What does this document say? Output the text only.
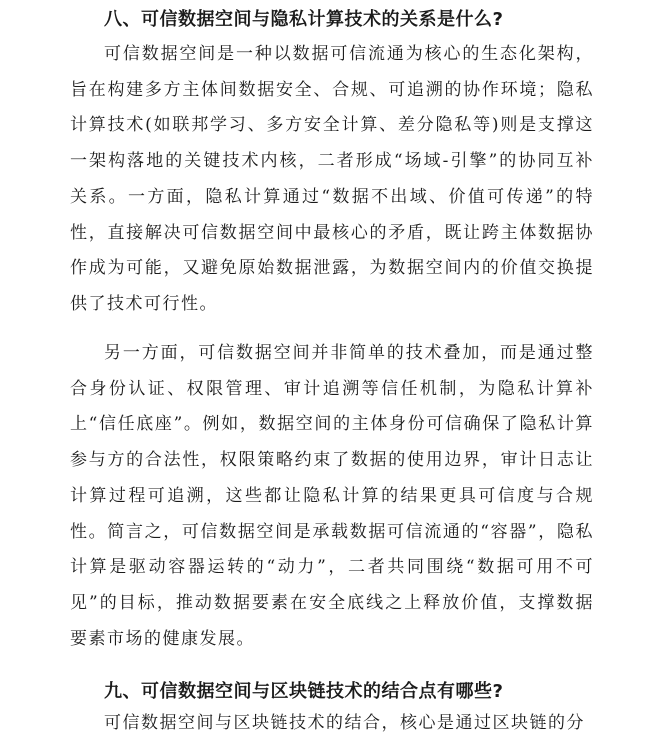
八、可信数据空间与隐私计算技术的关系是什么?

可信数据空间是一种以数据可信流通为核心的生态化架构，旨在构建多方主体间数据安全、合规、可追溯的协作环境；隐私计算技术(如联邦学习、多方安全计算、差分隐私等)则是支撑这一架构落地的关键技术内核，二者形成“场域-引擎”的协同互补关系。一方面，隐私计算通过“数据不出域、价值可传递”的特性，直接解决可信数据空间中最核心的矛盾，既让跨主体数据协作成为可能，又避免原始数据泄露，为数据空间内的价值交换提供了技术可行性。

另一方面，可信数据空间并非简单的技术叠加，而是通过整合身份认证、权限管理、审计追溯等信任机制，为隐私计算补上“信任底座”。例如，数据空间的主体身份可信确保了隐私计算参与方的合法性，权限策略约束了数据的使用边界，审计日志让计算过程可追溯，这些都让隐私计算的结果更具可信度与合规性。简言之，可信数据空间是承载数据可信流通的“容器”，隐私计算是驱动容器运转的“动力”，二者共同围绕“数据可用不可见”的目标，推动数据要素在安全底线之上释放价值，支撑数据要素市场的健康发展。

九、可信数据空间与区块链技术的结合点有哪些?

可信数据空间与区块链技术的结合，核心是通过区块链的分
